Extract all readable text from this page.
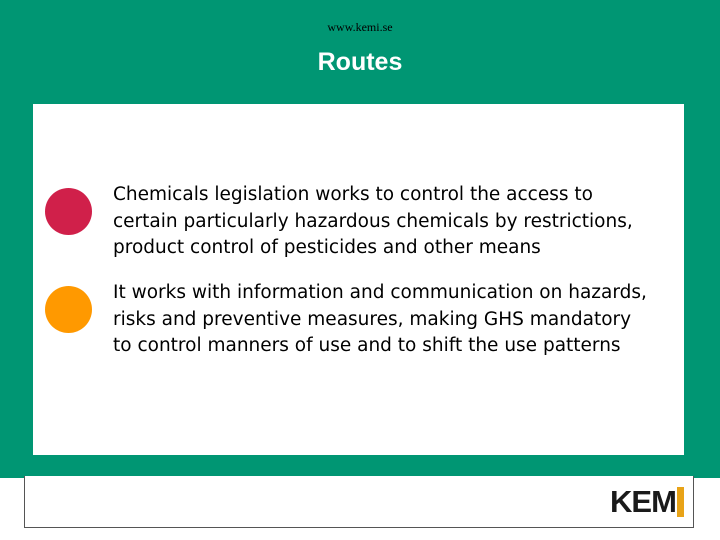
Routes
Chemicals legislation works to control the access to
certain particularly hazardous chemicals by restrictions,
product control of pesticides and other means
It works with information and communication on hazards,
risks and preventive measures, making GHS mandatory
to control manners of use and to shift the use patterns
www.kemi.se
KEM
